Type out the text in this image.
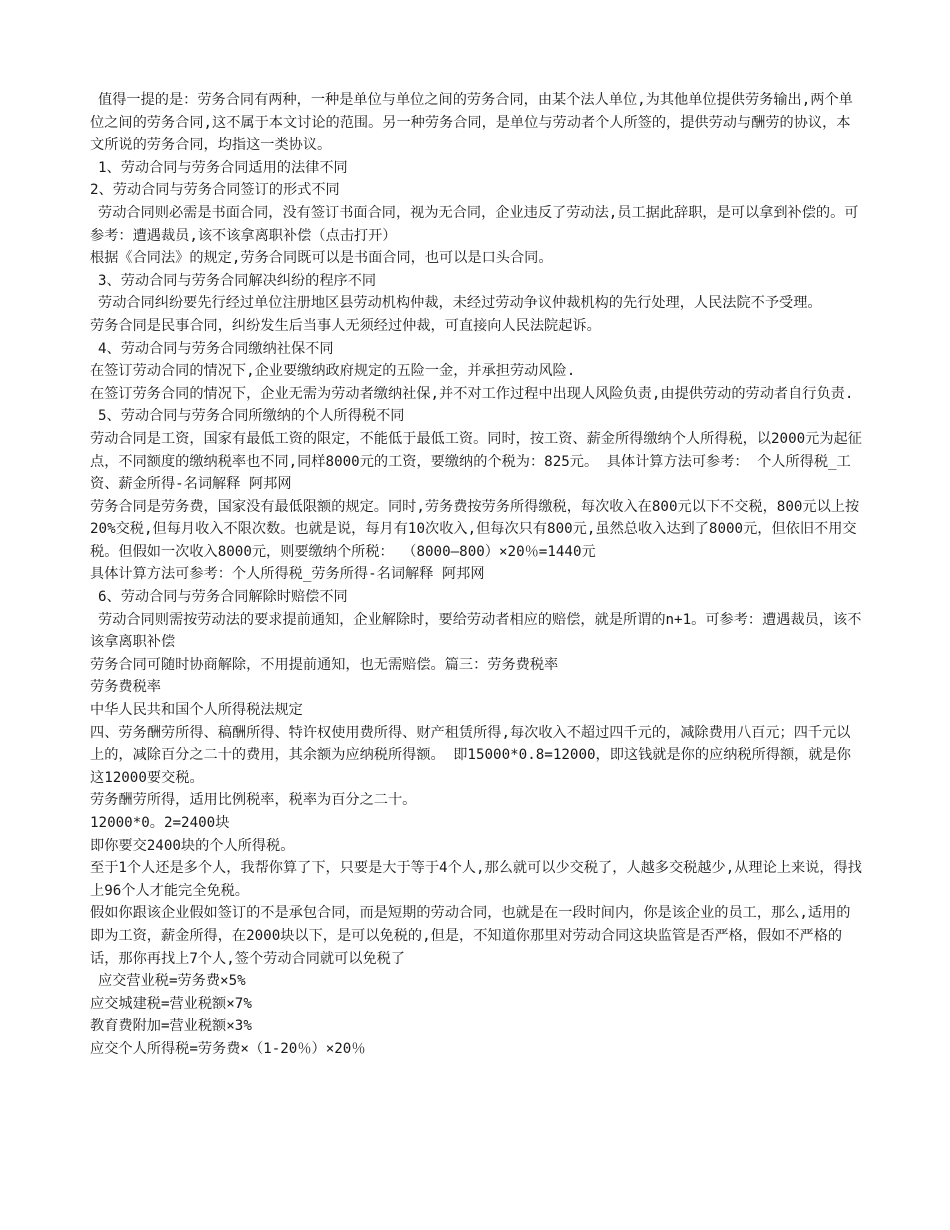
值得一提的是：劳务合同有两种，一种是单位与单位之间的劳务合同，由某个法人单位,为其他单位提供劳务输出,两个单位之间的劳务合同,这不属于本文讨论的范围。另一种劳务合同，是单位与劳动者个人所签的，提供劳动与酬劳的协议，本文所说的劳务合同，均指这一类协议。

1、劳动合同与劳务合同适用的法律不同

2、劳动合同与劳务合同签订的形式不同

劳动合同则必需是书面合同，没有签订书面合同，视为无合同，企业违反了劳动法,员工据此辞职，是可以拿到补偿的。可参考：遭遇裁员,该不该拿离职补偿（点击打开）

根据《合同法》的规定,劳务合同既可以是书面合同，也可以是口头合同。

3、劳动合同与劳务合同解决纠纷的程序不同

劳动合同纠纷要先行经过单位注册地区县劳动机构仲裁，未经过劳动争议仲裁机构的先行处理，人民法院不予受理。

劳务合同是民事合同，纠纷发生后当事人无须经过仲裁，可直接向人民法院起诉。

4、劳动合同与劳务合同缴纳社保不同

在签订劳动合同的情况下,企业要缴纳政府规定的五险一金，并承担劳动风险.

在签订劳务合同的情况下，企业无需为劳动者缴纳社保,并不对工作过程中出现人风险负责,由提供劳动的劳动者自行负责.

5、劳动合同与劳务合同所缴纳的个人所得税不同

劳动合同是工资，国家有最低工资的限定，不能低于最低工资。同时，按工资、薪金所得缴纳个人所得税，以2000元为起征点，不同额度的缴纳税率也不同,同样8000元的工资，要缴纳的个税为：825元。 具体计算方法可参考： 个人所得税_工资、薪金所得-名词解释 阿邦网

劳务合同是劳务费，国家没有最低限额的规定。同时,劳务费按劳务所得缴税，每次收入在800元以下不交税，800元以上按20%交税,但每月收入不限次数。也就是说，每月有10次收入,但每次只有800元,虽然总收入达到了8000元，但依旧不用交税。但假如一次收入8000元，则要缴纳个所税： （8000—800）×20％=1440元

具体计算方法可参考：个人所得税_劳务所得-名词解释 阿邦网

6、劳动合同与劳务合同解除时赔偿不同

劳动合同则需按劳动法的要求提前通知，企业解除时，要给劳动者相应的赔偿，就是所谓的n+1。可参考：遭遇裁员，该不该拿离职补偿

劳务合同可随时协商解除，不用提前通知，也无需赔偿。篇三：劳务费税率

劳务费税率

中华人民共和国个人所得税法规定

四、劳务酬劳所得、稿酬所得、特许权使用费所得、财产租赁所得,每次收入不超过四千元的，减除费用八百元；四千元以上的，减除百分之二十的费用，其余额为应纳税所得额。 即15000*0.8=12000，即这钱就是你的应纳税所得额，就是你这12000要交税。

劳务酬劳所得，适用比例税率，税率为百分之二十。

12000*0。2=2400块

即你要交2400块的个人所得税。

至于1个人还是多个人，我帮你算了下，只要是大于等于4个人,那么就可以少交税了，人越多交税越少,从理论上来说，得找上96个人才能完全免税。

假如你跟该企业假如签订的不是承包合同，而是短期的劳动合同，也就是在一段时间内，你是该企业的员工，那么,适用的即为工资，薪金所得，在2000块以下，是可以免税的,但是，不知道你那里对劳动合同这块监管是否严格，假如不严格的话，那你再找上7个人,签个劳动合同就可以免税了

应交营业税=劳务费×5%

应交城建税=营业税额×7%

教育费附加=营业税额×3%

应交个人所得税=劳务费×（1-20％）×20％
